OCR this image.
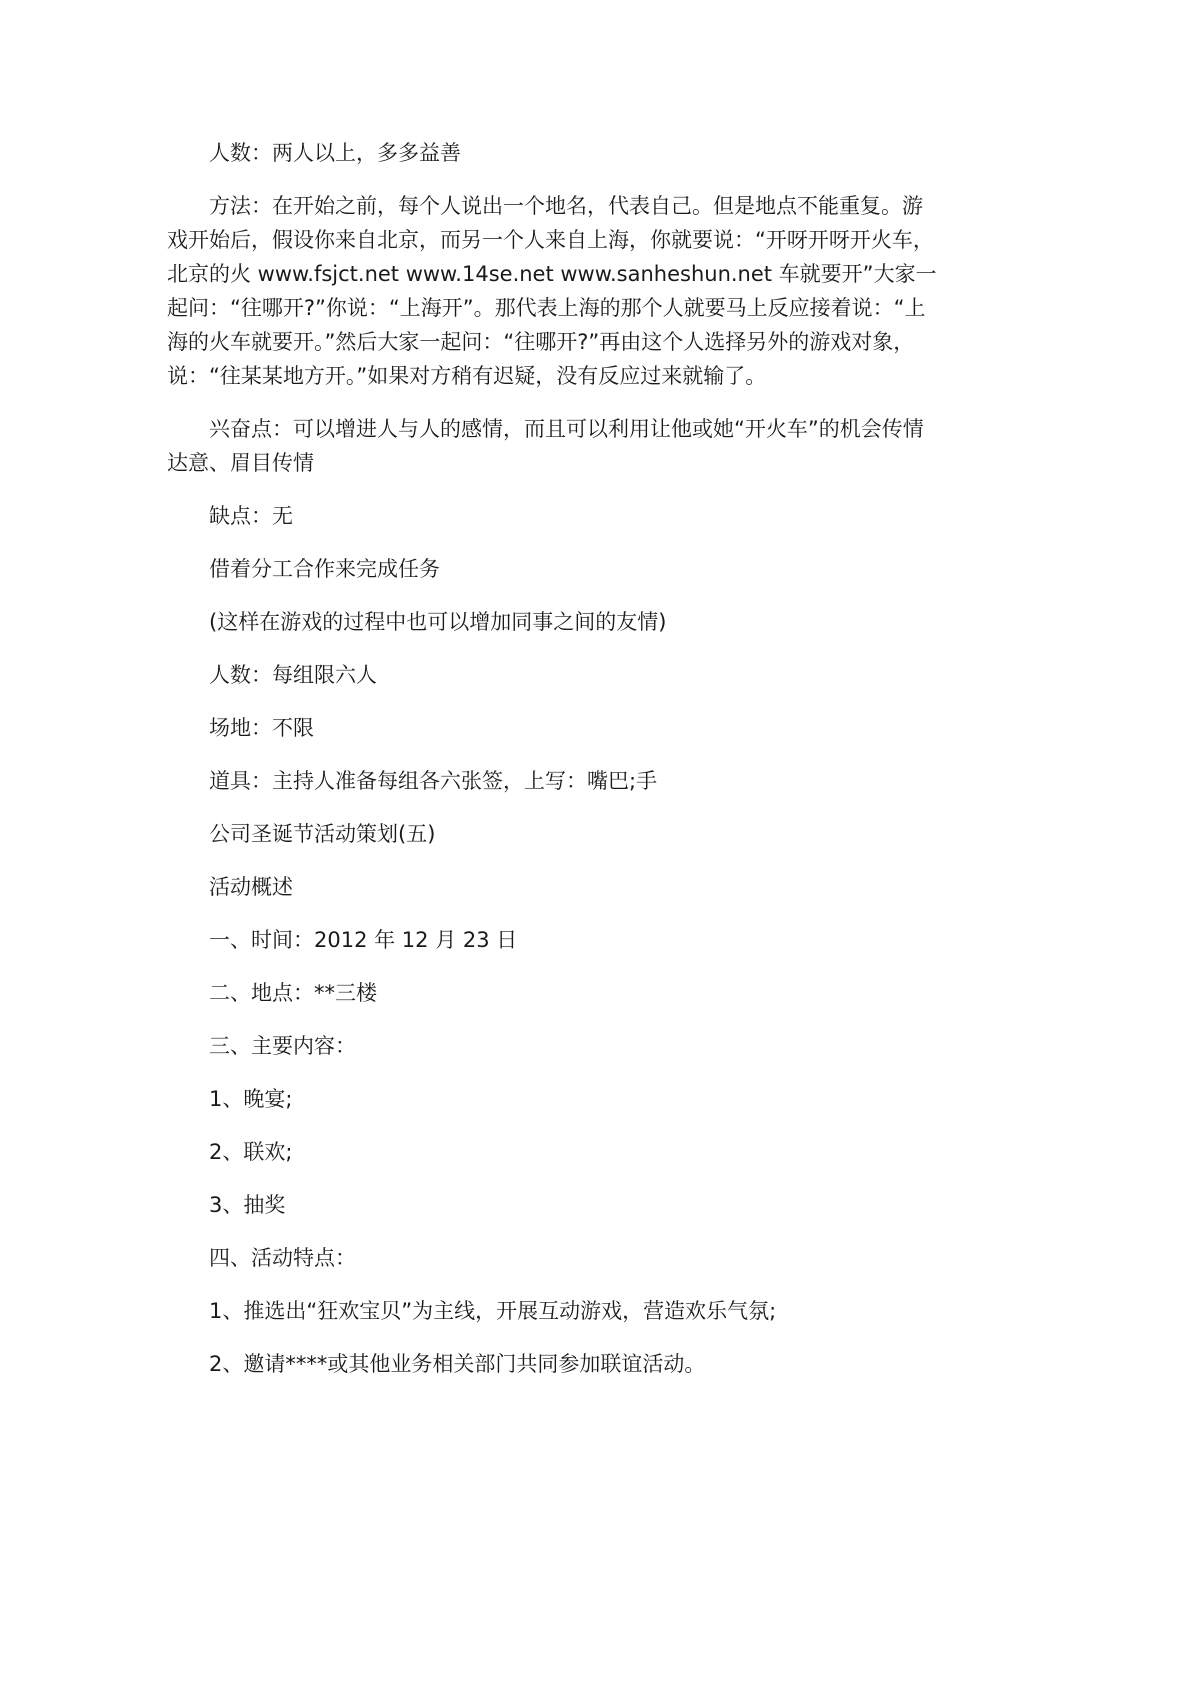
人数：两人以上，多多益善

方法：在开始之前，每个人说出一个地名，代表自己。但是地点不能重复。游戏开始后，假设你来自北京，而另一个人来自上海，你就要说：“开呀开呀开火车，北京的火 www.fsjct.net www.14se.net www.sanheshun.net 车就要开”大家一起问：“往哪开?”你说：“上海开”。那代表上海的那个人就要马上反应接着说：“上海的火车就要开。”然后大家一起问：“往哪开?”再由这个人选择另外的游戏对象，说：“往某某地方开。”如果对方稍有迟疑，没有反应过来就输了。

兴奋点：可以增进人与人的感情，而且可以利用让他或她“开火车”的机会传情达意、眉目传情

缺点：无

借着分工合作来完成任务

(这样在游戏的过程中也可以增加同事之间的友情)

人数：每组限六人

场地：不限

道具：主持人准备每组各六张签，上写：嘴巴;手

公司圣诞节活动策划(五)

活动概述

一、时间：2012 年 12 月 23 日

二、地点：**三楼

三、主要内容：

1、晚宴;

2、联欢;

3、抽奖

四、活动特点：

1、推选出“狂欢宝贝”为主线，开展互动游戏，营造欢乐气氛;

2、邀请****或其他业务相关部门共同参加联谊活动。
